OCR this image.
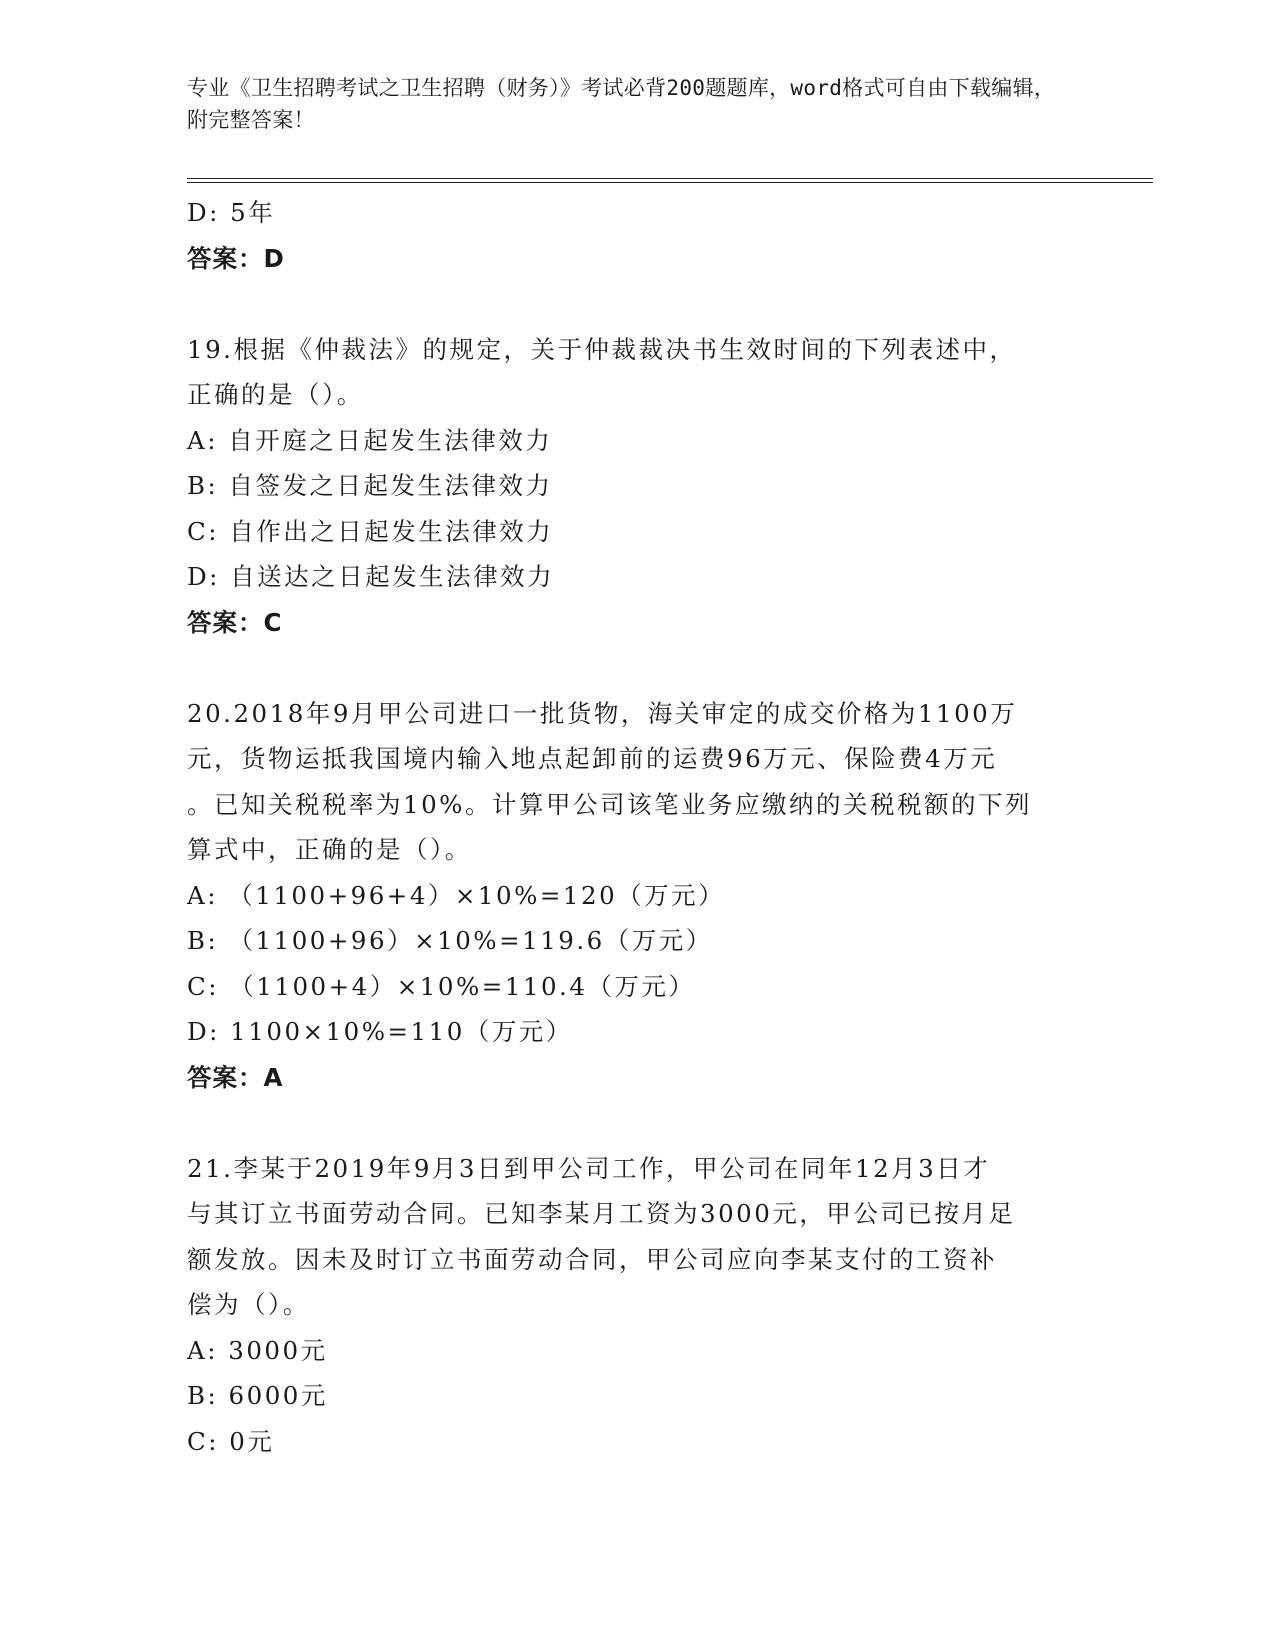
专业《卫生招聘考试之卫生招聘（财务）》考试必背200题题库，word格式可自由下载编辑，附完整答案！
D: 5年
答案：D
19.根据《仲裁法》的规定，关于仲裁裁决书生效时间的下列表述中，
正确的是（）。
A: 自开庭之日起发生法律效力
B: 自签发之日起发生法律效力
C: 自作出之日起发生法律效力
D: 自送达之日起发生法律效力
答案：C
20.2018年9月甲公司进口一批货物，海关审定的成交价格为1100万
元，货物运抵我国境内输入地点起卸前的运费96万元、保险费4万元
。已知关税税率为10%。计算甲公司该笔业务应缴纳的关税税额的下列
算式中，正确的是（）。
A: （1100+96+4）×10%=120（万元）
B: （1100+96）×10%=119.6（万元）
C: （1100+4）×10%=110.4（万元）
D: 1100×10%=110（万元）
答案：A
21.李某于2019年9月3日到甲公司工作，甲公司在同年12月3日才
与其订立书面劳动合同。已知李某月工资为3000元，甲公司已按月足
额发放。因未及时订立书面劳动合同，甲公司应向李某支付的工资补
偿为（）。
A: 3000元
B: 6000元
C: 0元
